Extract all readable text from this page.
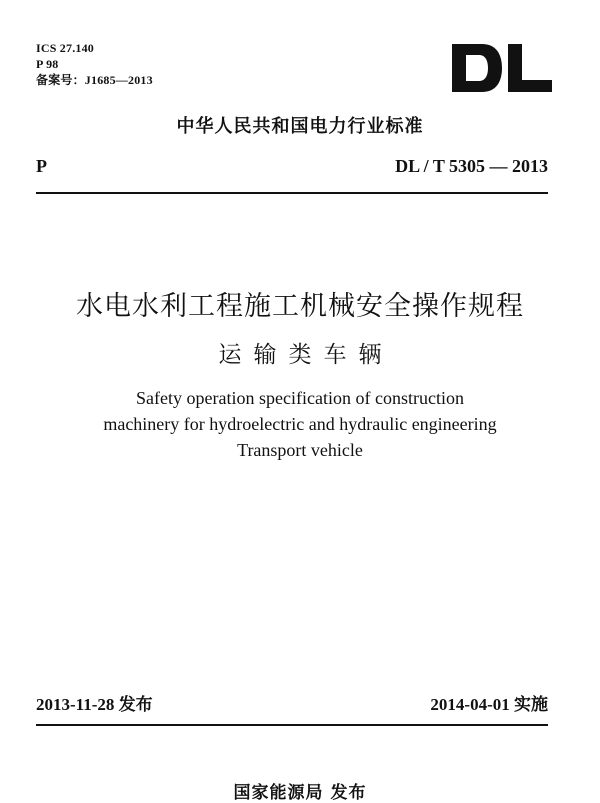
ICS 27.140
P 98
备案号：J1685—2013
中华人民共和国电力行业标准
P	DL / T 5305 — 2013
水电水利工程施工机械安全操作规程
运输类车辆
Safety operation specification of construction
machinery for hydroelectric and hydraulic engineering
Transport vehicle
2013-11-28 发布	2014-04-01 实施
国家能源局 发布
